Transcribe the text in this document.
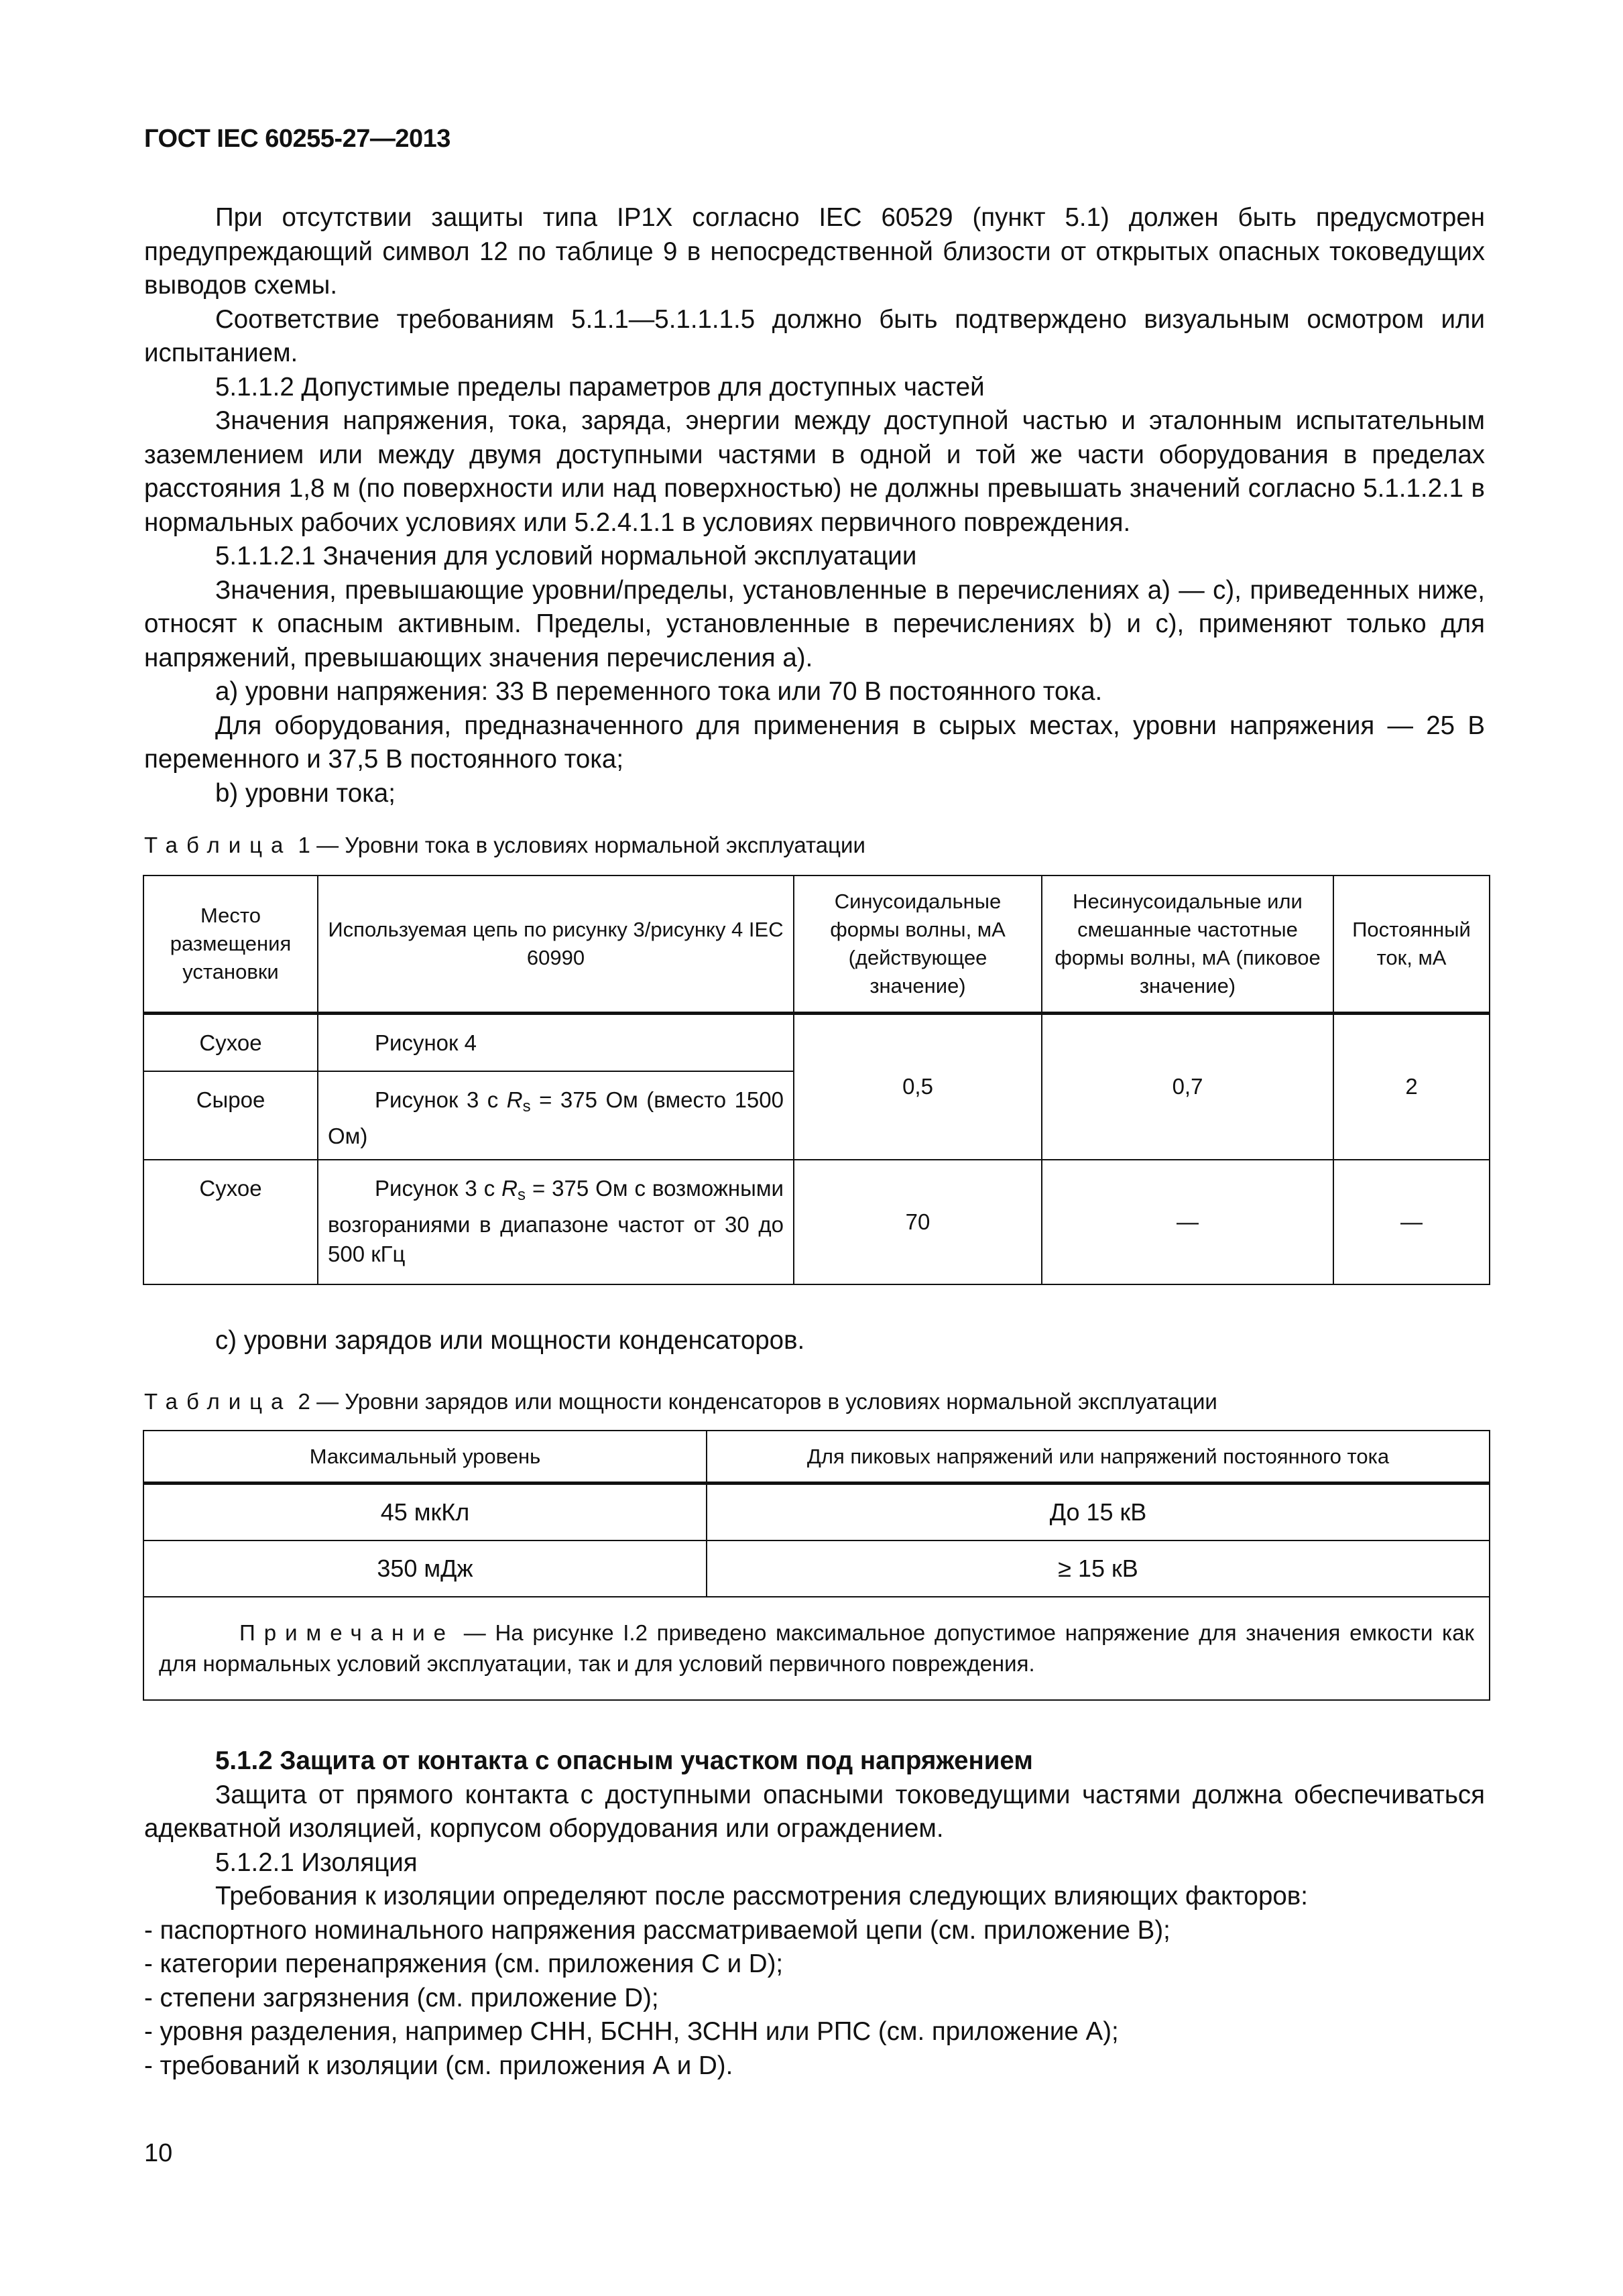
ГОСТ IEC 60255-27—2013

При отсутствии защиты типа IP1X согласно IEC 60529 (пункт 5.1) должен быть предусмотрен предупреждающий символ 12 по таблице 9 в непосредственной близости от открытых опасных токоведущих выводов схемы.

Соответствие требованиям 5.1.1—5.1.1.1.5 должно быть подтверждено визуальным осмотром или испытанием.

5.1.1.2 Допустимые пределы параметров для доступных частей

Значения напряжения, тока, заряда, энергии между доступной частью и эталонным испытательным заземлением или между двумя доступными частями в одной и той же части оборудования в пределах расстояния 1,8 м (по поверхности или над поверхностью) не должны превышать значений согласно 5.1.1.2.1 в нормальных рабочих условиях или 5.2.4.1.1 в условиях первичного повреждения.

5.1.1.2.1 Значения для условий нормальной эксплуатации

Значения, превышающие уровни/пределы, установленные в перечислениях а) — с), приведенных ниже, относят к опасным активным. Пределы, установленные в перечислениях b) и с), применяют только для напряжений, превышающих значения перечисления а).

а) уровни напряжения: 33 В переменного тока или 70 В постоянного тока.

Для оборудования, предназначенного для применения в сырых местах, уровни напряжения — 25 В переменного и 37,5 В постоянного тока;

b) уровни тока;

Таблица 1 — Уровни тока в условиях нормальной эксплуатации
Место размещения установки	Используемая цепь по рисунку 3/рисунку 4 IEC 60990	Синусоидальные формы волны, мА (действующее значение)	Несинусоидальные или смешанные частотные формы волны, мА (пиковое значение)	Постоянный ток, мА
Сухое	Рисунок 4	0,5	0,7	2
Сырое	Рисунок 3 с $R_s = 375$ Ом (вместо 1500 Ом)			

Сухое	Рисунок 3 с $R_s = 375$ Ом с возможными возгораниями в диапазоне частот от 30 до 500 кГц	70	—	—

с) уровни зарядов или мощности конденсаторов.

Таблица 2 — Уровни зарядов или мощности конденсаторов в условиях нормальной эксплуатации
Максимальный уровень	Для пиковых напряжений или напряжений постоянного тока
45 мкКл	До 15 кВ
350 мДж	≥ 15 кВ
Примечание — На рисунке I.2 приведено максимальное допустимое напряжение для значения емкости как для нормальных условий эксплуатации, так и для условий первичного повреждения.	

5.1.2 Защита от контакта с опасным участком под напряжением

Защита от прямого контакта с доступными опасными токоведущими частями должна обеспечиваться адекватной изоляцией, корпусом оборудования или ограждением.

5.1.2.1 Изоляция

Требования к изоляции определяют после рассмотрения следующих влияющих факторов:

- паспортного номинального напряжения рассматриваемой цепи (см. приложение В);

- категории перенапряжения (см. приложения С и D);

- степени загрязнения (см. приложение D);

- уровня разделения, например СНН, БСНН, ЗСНН или РПС (см. приложение А);

- требований к изоляции (см. приложения А и D).

10
